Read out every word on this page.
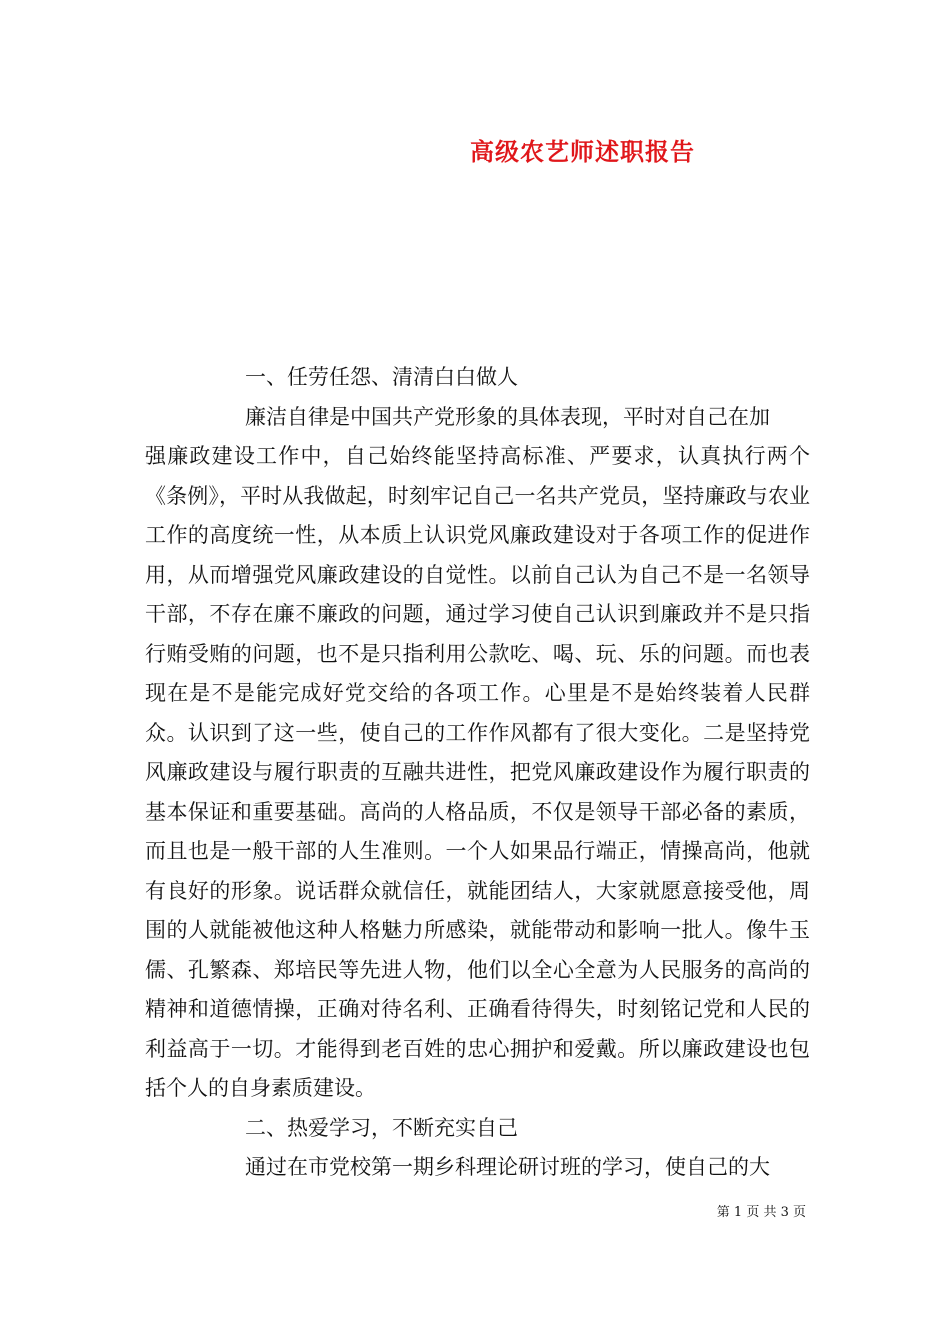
高级农艺师述职报告

一、任劳任怨、清清白白做人

廉洁自律是中国共产党形象的具体表现，平时对自己在加

强廉政建设工作中，自己始终能坚持高标准、严要求，认真执行两个《条例》，平时从我做起，时刻牢记自己一名共产党员，坚持廉政与农业工作的高度统一性，从本质上认识党风廉政建设对于各项工作的促进作用，从而增强党风廉政建设的自觉性。以前自己认为自己不是一名领导干部，不存在廉不廉政的问题，通过学习使自己认识到廉政并不是只指行贿受贿的问题，也不是只指利用公款吃、喝、玩、乐的问题。而也表现在是不是能完成好党交给的各项工作。心里是不是始终装着人民群众。认识到了这一些，使自己的工作作风都有了很大变化。二是坚持党风廉政建设与履行职责的互融共进性，把党风廉政建设作为履行职责的基本保证和重要基础。高尚的人格品质，不仅是领导干部必备的素质，而且也是一般干部的人生准则。一个人如果品行端正，情操高尚，他就有良好的形象。说话群众就信任，就能团结人，大家就愿意接受他，周围的人就能被他这种人格魅力所感染，就能带动和影响一批人。像牛玉儒、孔繁森、郑培民等先进人物，他们以全心全意为人民服务的高尚的精神和道德情操，正确对待名利、正确看待得失，时刻铭记党和人民的利益高于一切。才能得到老百姓的忠心拥护和爱戴。所以廉政建设也包括个人的自身素质建设。

二、热爱学习，不断充实自己

通过在市党校第一期乡科理论研讨班的学习，使自己的大

第 1 页 共 3 页
